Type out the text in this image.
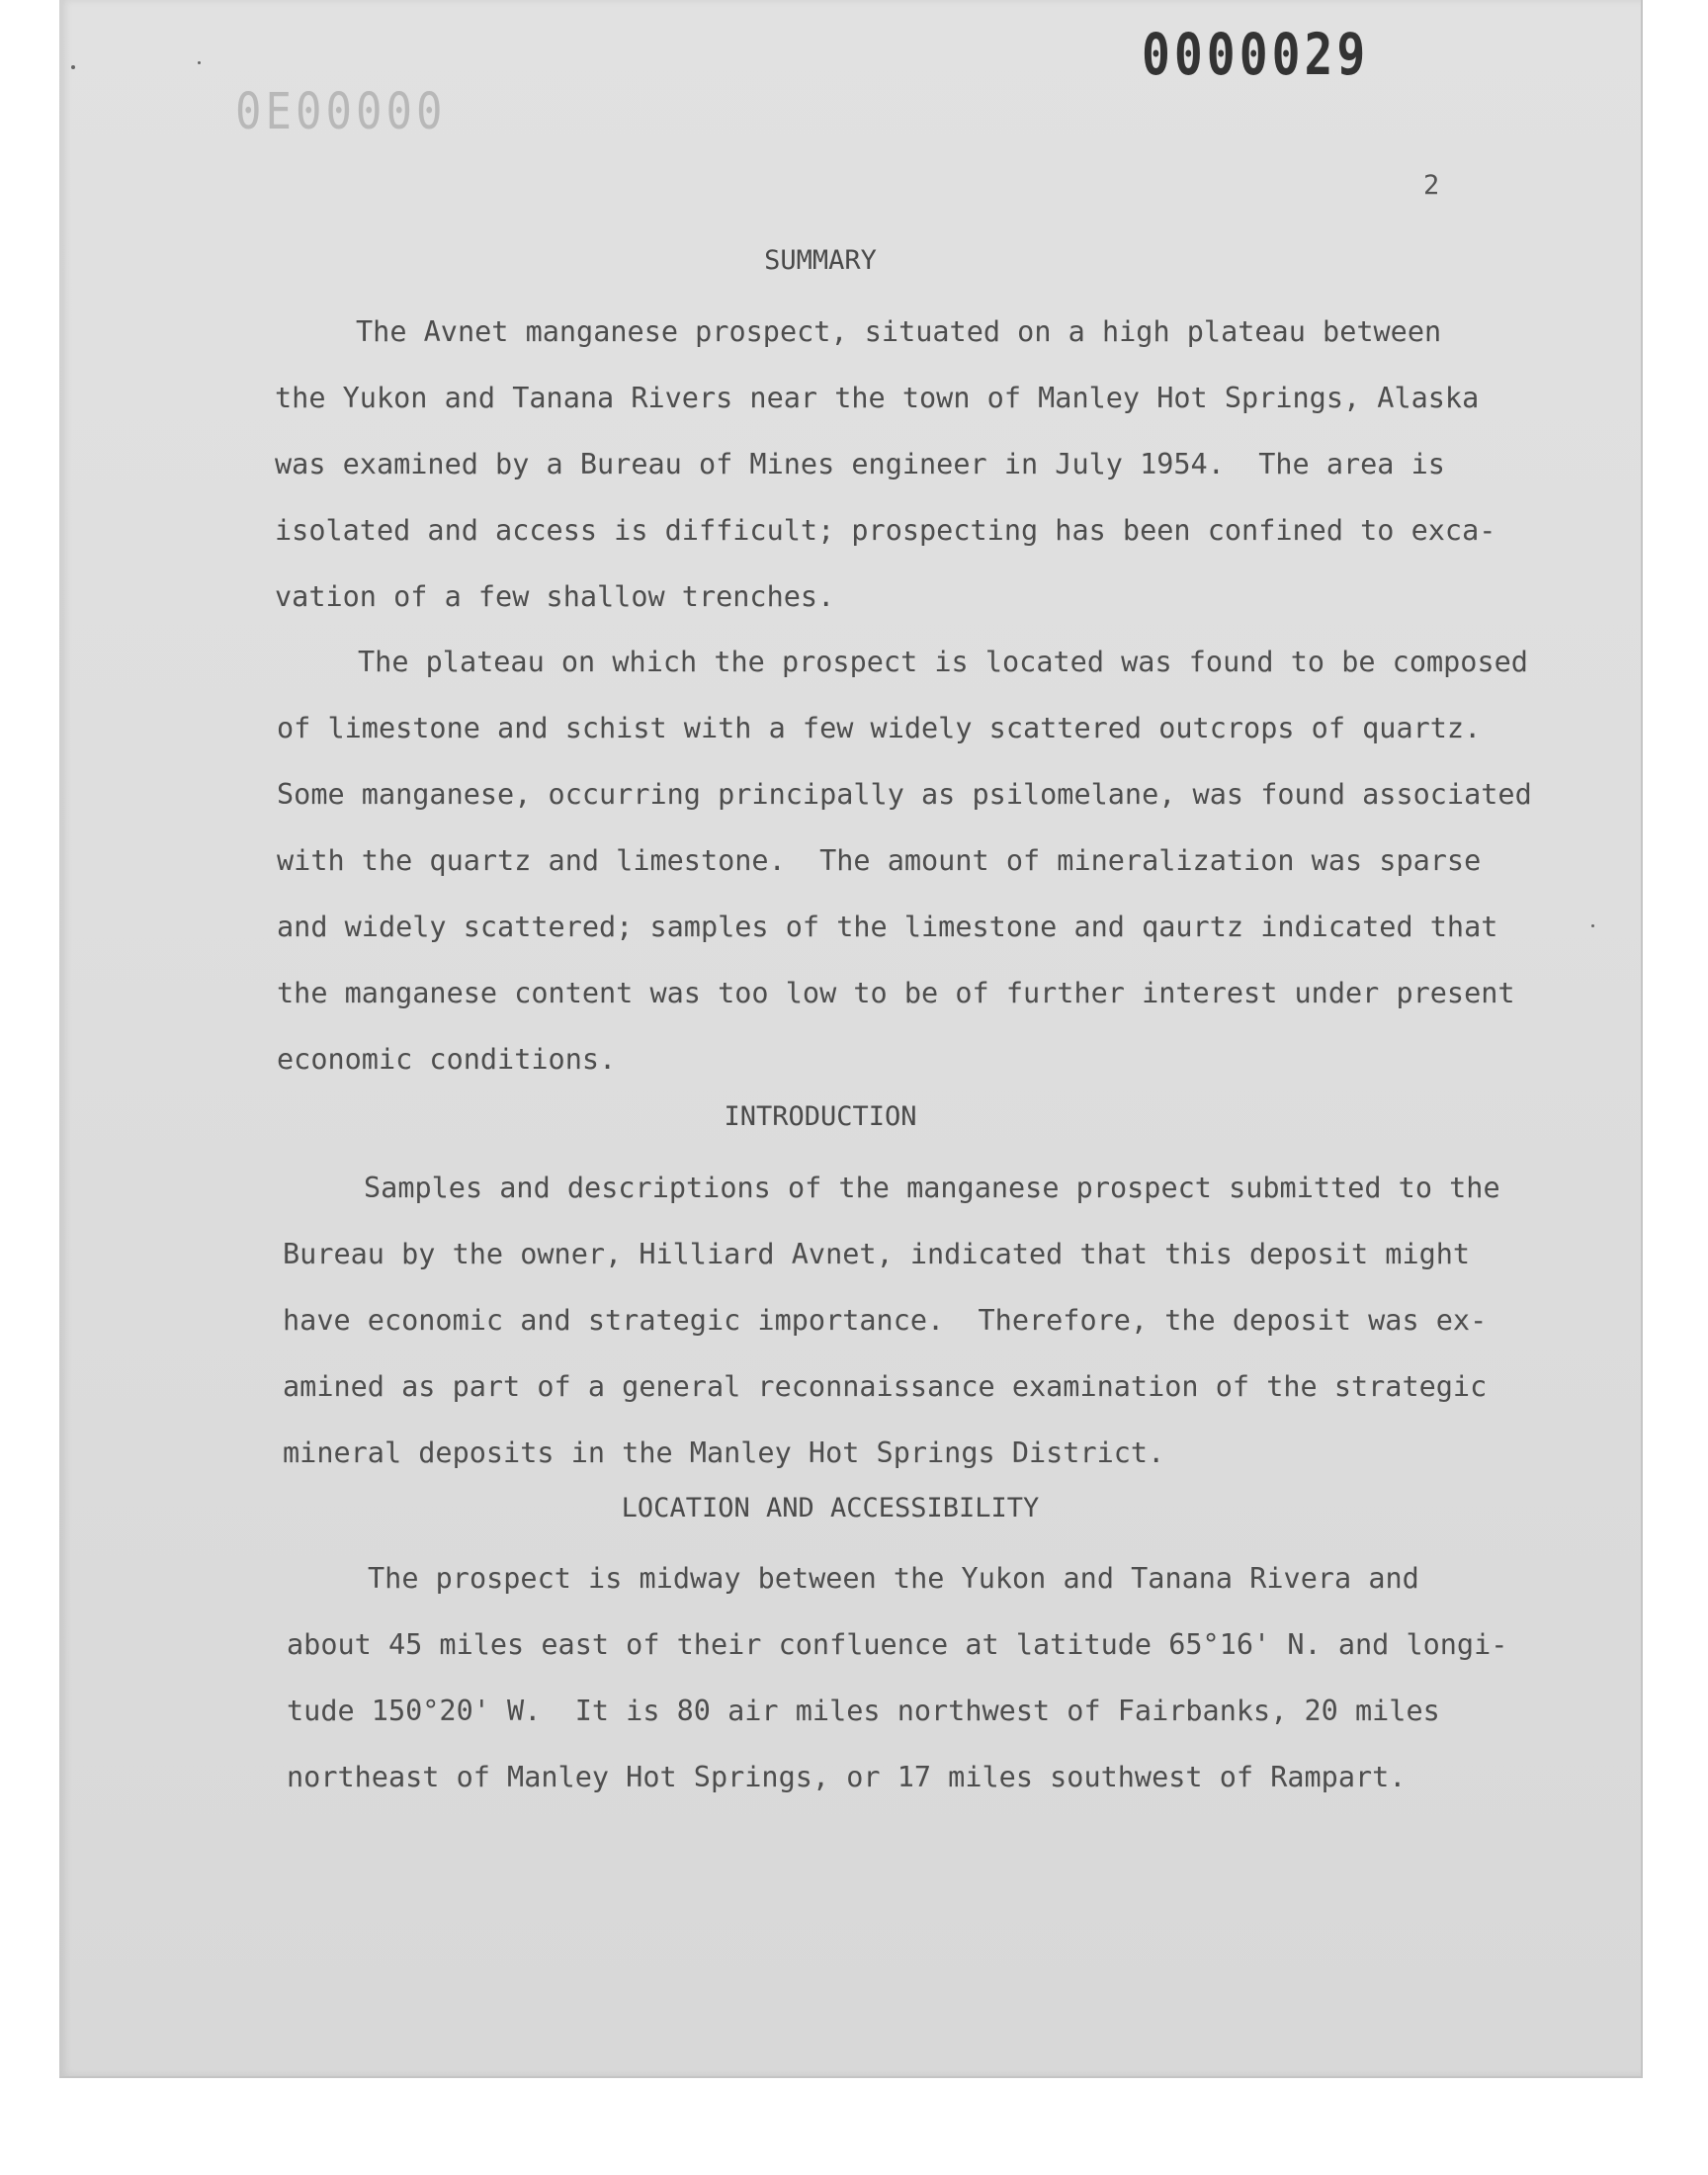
0E00000
0000029
2
SUMMARY
The Avnet manganese prospect, situated on a high plateau between
the Yukon and Tanana Rivers near the town of Manley Hot Springs, Alaska
was examined by a Bureau of Mines engineer in July 1954.  The area is
isolated and access is difficult; prospecting has been confined to exca-
vation of a few shallow trenches.
The plateau on which the prospect is located was found to be composed
of limestone and schist with a few widely scattered outcrops of quartz.
Some manganese, occurring principally as psilomelane, was found associated
with the quartz and limestone.  The amount of mineralization was sparse
and widely scattered; samples of the limestone and qaurtz indicated that
the manganese content was too low to be of further interest under present
economic conditions.
INTRODUCTION
Samples and descriptions of the manganese prospect submitted to the
Bureau by the owner, Hilliard Avnet, indicated that this deposit might
have economic and strategic importance.  Therefore, the deposit was ex-
amined as part of a general reconnaissance examination of the strategic
mineral deposits in the Manley Hot Springs District.
LOCATION AND ACCESSIBILITY
The prospect is midway between the Yukon and Tanana Rivera and
about 45 miles east of their confluence at latitude 65°16' N. and longi-
tude 150°20' W.  It is 80 air miles northwest of Fairbanks, 20 miles
northeast of Manley Hot Springs, or 17 miles southwest of Rampart.
